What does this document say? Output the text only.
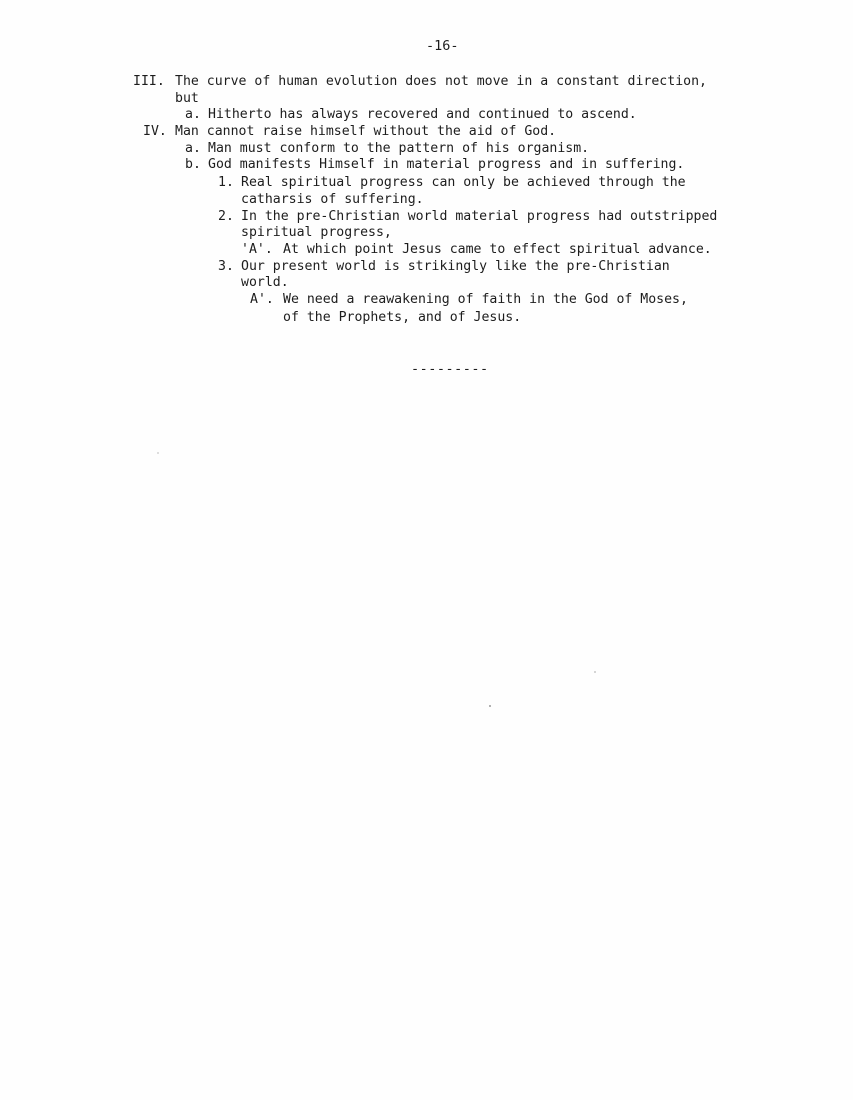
-16-
III. The curve of human evolution does not move in a constant direction,
but
a. Hitherto has always recovered and continued to ascend.
IV. Man cannot raise himself without the aid of God.
a. Man must conform to the pattern of his organism.
b. God manifests Himself in material progress and in suffering.
1. Real spiritual progress can only be achieved through the
catharsis of suffering.
2. In the pre-Christian world material progress had outstripped
spiritual progress,
'A'. At which point Jesus came to effect spiritual advance.
3. Our present world is strikingly like the pre-Christian
world.
A'. We need a reawakening of faith in the God of Moses,
of the Prophets, and of Jesus.
---------
